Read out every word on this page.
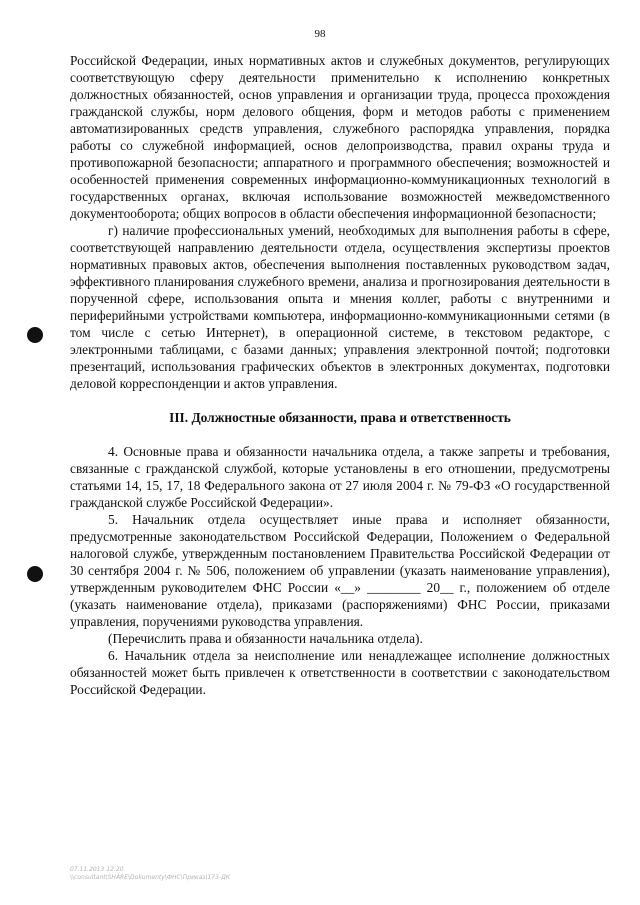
98

Российской Федерации, иных нормативных актов и служебных документов, регулирующих соответствующую сферу деятельности применительно к исполнению конкретных должностных обязанностей, основ управления и организации труда, процесса прохождения гражданской службы, норм делового общения, форм и методов работы с применением автоматизированных средств управления, служебного распорядка управления, порядка работы со служебной информацией, основ делопроизводства, правил охраны труда и противопожарной безопасности; аппаратного и программного обеспечения; возможностей и особенностей применения современных информационно-коммуникационных технологий в государственных органах, включая использование возможностей межведомственного документооборота; общих вопросов в области обеспечения информационной безопасности;

г) наличие профессиональных умений, необходимых для выполнения работы в сфере, соответствующей направлению деятельности отдела, осуществления экспертизы проектов нормативных правовых актов, обеспечения выполнения поставленных руководством задач, эффективного планирования служебного времени, анализа и прогнозирования деятельности в порученной сфере, использования опыта и мнения коллег, работы с внутренними и периферийными устройствами компьютера, информационно-коммуникационными сетями (в том числе с сетью Интернет), в операционной системе, в текстовом редакторе, с электронными таблицами, с базами данных; управления электронной почтой; подготовки презентаций, использования графических объектов в электронных документах, подготовки деловой корреспонденции и актов управления.

III. Должностные обязанности, права и ответственность

4. Основные права и обязанности начальника отдела, а также запреты и требования, связанные с гражданской службой, которые установлены в его отношении, предусмотрены статьями 14, 15, 17, 18 Федерального закона от 27 июля 2004 г. № 79-ФЗ «О государственной гражданской службе Российской Федерации».

5. Начальник отдела осуществляет иные права и исполняет обязанности, предусмотренные законодательством Российской Федерации, Положением о Федеральной налоговой службе, утвержденным постановлением Правительства Российской Федерации от 30 сентября 2004 г. № 506, положением об управлении (указать наименование управления), утвержденным руководителем ФНС России «__» ________ 20__ г., положением об отделе (указать наименование отдела), приказами (распоряжениями) ФНС России, приказами управления, поручениями руководства управления.

(Перечислить права и обязанности начальника отдела).

6. Начальник отдела за неисполнение или ненадлежащее исполнение должностных обязанностей может быть привлечен к ответственности в соответствии с законодательством Российской Федерации.

07.11.2013 12:20
\\consultant\SHARE\Dokumenty\ФНС\Приказ\173-ДК
